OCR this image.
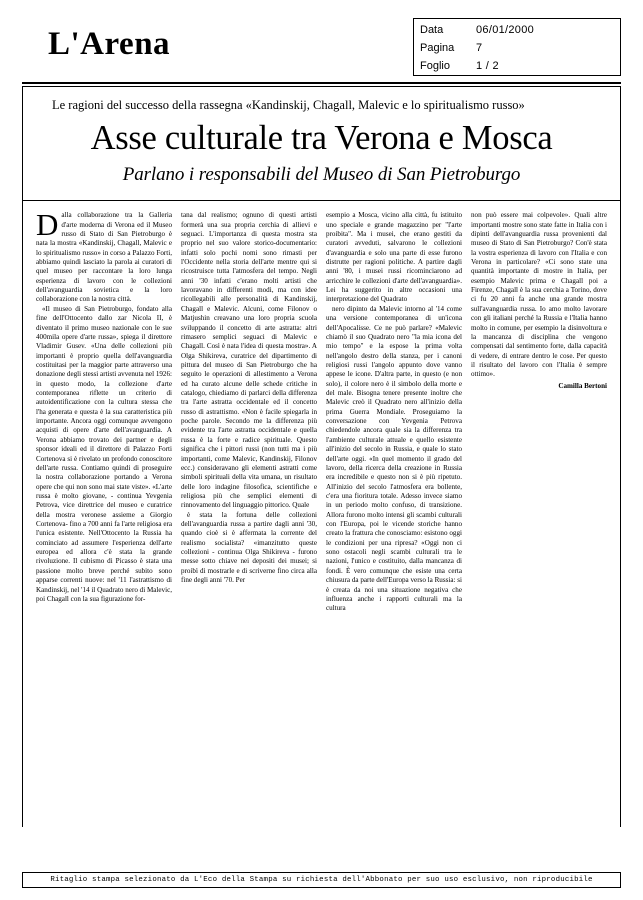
L'Arena	Data	06/01/2000
Pagina	7
Foglio	1 / 2
Le ragioni del successo della rassegna «Kandinskij, Chagall, Malevic e lo spiritualismo russo»
Asse culturale tra Verona e Mosca
Parlano i responsabili del Museo di San Pietroburgo

Dalla collaborazione tra la Galleria d'arte moderna di Verona ed il Museo russo di Stato di San Pietroburgo è nata la mostra «Kandinskij, Chagall, Malevic e lo spiritualismo russo» in corso a Palazzo Forti, abbiamo quindi lasciato la parola ai curatori di quel museo per raccontare la loro lunga esperienza di lavoro con le collezioni dell'avanguardia sovietica e la loro collaborazione con la nostra città.

«Il museo di San Pietroburgo, fondato alla fine dell'Ottocento dallo zar Nicola II, è diventato il primo museo nazionale con le sue 400mila opere d'arte russa», spiega il direttore Vladimir Gusev. «Una delle collezioni più importanti è proprio quella dell'avanguardia costituitasi per la maggior parte attraverso una donazione degli stessi artisti avvenuta nel 1926: in questo modo, la collezione d'arte contemporanea riflette un criterio di autoidentificazione con la cultura stessa che l'ha generata e questa è la sua caratteristica più importante. Ancora oggi comunque avvengono acquisti di opere d'arte dell'avanguardia. A Verona abbiamo trovato dei partner e degli sponsor ideali ed il direttore di Palazzo Forti Cortenova si è rivelato un profondo conoscitore dell'arte russa. Contiamo quindi di proseguire la nostra collaborazione portando a Verona opere che qui non sono mai state viste». «L'arte russa è molto giovane, - continua Yevgenia Petrova, vice direttrice del museo e curatrice della mostra veronese assieme a Giorgio Cortenova- fino a 700 anni fa l'arte religiosa era l'unica esistente. Nell'Ottocento la Russia ha cominciato ad assumere l'esperienza dell'arte europea ed allora c'è stata la grande rivoluzione. Il cubismo di Picasso è stata una passione molto breve perché subito sono apparse correnti nuove: nel '11 l'astrattismo di Kandinskij, nel '14 il Quadrato nero di Malevic, poi Chagall con la sua figurazione for-

tana dal realismo; ognuno di questi artisti formerà una sua propria cerchia di allievi e seguaci. L'importanza di questa mostra sta proprio nel suo valore storico-documentario: infatti solo pochi nomi sono rimasti per l'Occidente nella storia dell'arte mentre qui si ricostruisce tutta l'atmosfera del tempo. Negli anni '30 infatti c'erano molti artisti che lavoravano in differenti modi, ma con idee ricollegabili alle personalità di Kandinskij, Chagall e Malevic. Alcuni, come Filonov o Matjushin creavano una loro propria scuola sviluppando il concetto di arte astratta: altri rimasero semplici seguaci di Malevic e Chagall. Così è nata l'idea di questa mostra». A Olga Shikireva, curatrice del dipartimento di pittura del museo di San Pietroburgo che ha seguito le operazioni di allestimento a Verona ed ha curato alcune delle schede critiche in catalogo, chiediamo di parlarci della differenza tra l'arte astratta occidentale ed il concetto russo di astrattismo. «Non è facile spiegarla in poche parole. Secondo me la differenza più evidente tra l'arte astratta occidentale e quella russa è la forte e radice spirituale. Questo significa che i pittori russi (non tutti ma i più importanti, come Malevic, Kandinskij, Filonov ecc.) consideravano gli elementi astratti come simboli spirituali della vita umana, un risultato delle loro indagine filosofica, scientifiche e religiosa più che semplici elementi di rinnovamento del linguaggio pittorico. Quale

è stata la fortuna delle collezioni dell'avanguardia russa a partire dagli anni '30, quando cioè si è affermata la corrente del realismo socialista? «imanzitutto queste collezioni - continua Olga Shikireva - furono messe sotto chiave nei depositi dei musei; si proibì di mostrarle e di scriverne fino circa alla fine degli anni '70. Per

esempio a Mosca, vicino alla città, fu istituito uno speciale e grande magazzino per "l'arte proibita". Ma i musei, che erano gestiti da curatori avveduti, salvarono le collezioni d'avanguardia e solo una parte di esse furono distrutte per ragioni politiche. A partire dagli anni '80, i musei russi ricominciarono ad arricchire le collezioni d'arte dell'avanguardia». Lei ha suggerito in altre occasioni una interpretazione del Quadrato

nero dipinto da Malevic intorno al '14 come una versione contemporanea di un'icona dell'Apocalisse. Ce ne può parlare? «Malevic chiamò il suo Quadrato nero "la mia icona del mio tempo" e la espose la prima volta nell'angolo destro della stanza, per i canoni religiosi russi l'angolo appunto dove vanno appese le icone. D'altra parte, in questo (e non solo), il colore nero è il simbolo della morte e del male. Bisogna tenere presente inoltre che Malevic creò il Quadrato nero all'inizio della prima Guerra Mondiale. Proseguiamo la conversazione con Yevgenia Petrova chiedendole ancora quale sia la differenza tra l'ambiente culturale attuale e quello esistente all'inizio del secolo in Russia, e quale lo stato dell'arte oggi. «In quel momento il grado del lavoro, della ricerca della creazione in Russia era incredibile e questo non si è più ripetuto. All'inizio del secolo l'atmosfera era bollente, c'era una fioritura totale. Adesso invece siamo in un periodo molto confuso, di transizione. Allora furono molto intensi gli scambi culturali con l'Europa, poi le vicende storiche hanno creato la frattura che conosciamo: esistono oggi le condizioni per una ripresa? «Oggi non ci sono ostacoli negli scambi culturali tra le nazioni, l'unico e costituito, dalla mancanza di fondi. È vero comunque che esiste una certa chiusura da parte dell'Europa verso la Russia: si è creata da noi una situazione negativa che influenza anche i rapporti culturali ma la cultura

non può essere mai colpevole». Quali altre importanti mostre sono state fatte in Italia con i dipinti dell'avanguardia russa provenienti dal museo di Stato di San Pietroburgo? Con'è stata la vostra esperienza di lavoro con l'Italia e con Verona in particolare? «Ci sono state una quantità importante di mostre in Italia, per esempio Malevic prima e Chagall poi a Firenze, Chagall è la sua cerchia a Torino, dove ci fu 20 anni fa anche una grande mostra sull'avanguardia russa. Io amo molto lavorare con gli italiani perché la Russia e l'Italia hanno molto in comune, per esempio la disinvoltura e la mancanza di disciplina che vengono compensati dal sentimento forte, dalla capacità di vedere, di entrare dentro le cose. Per questo il risultato del lavoro con l'Italia è sempre ottimo».

Camilla Bertoni
Ritaglio stampa selezionato da L'Eco della Stampa su richiesta dell'Abbonato per suo uso esclusivo, non riproducibile
